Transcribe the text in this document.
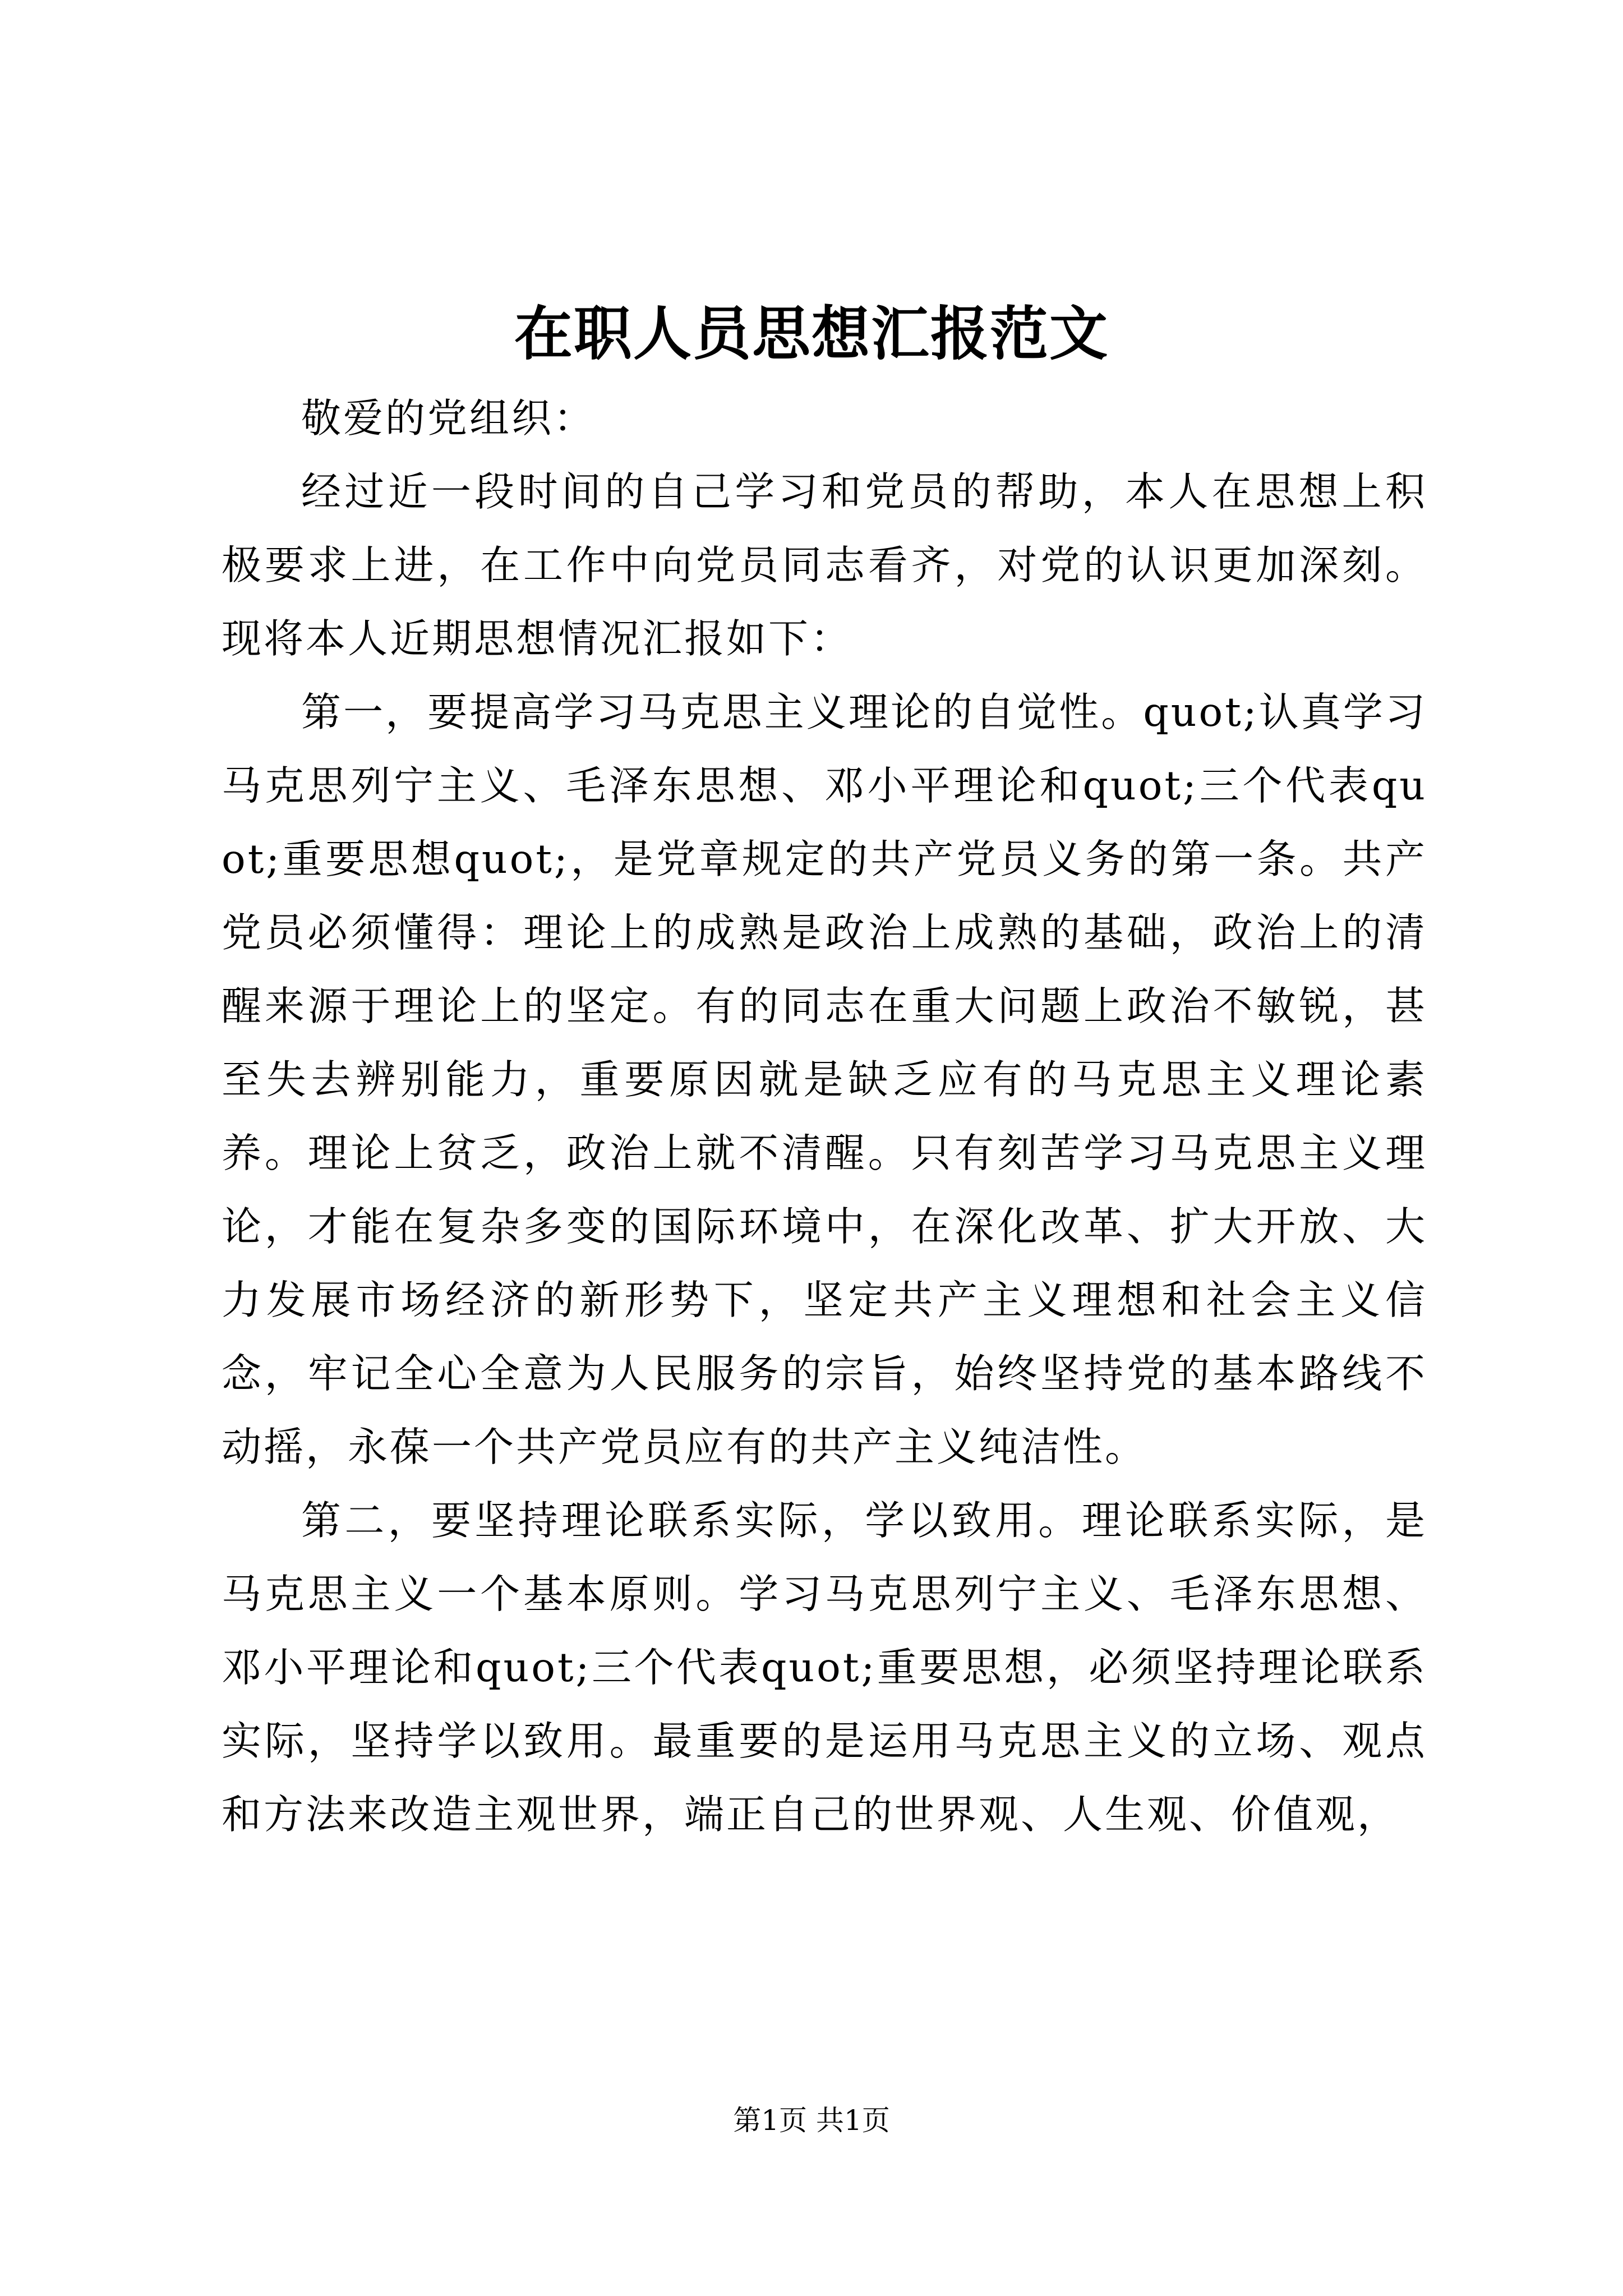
在职人员思想汇报范文

敬爱的党组织：

经过近一段时间的自己学习和党员的帮助，本人在思想上积极要求上进，在工作中向党员同志看齐，对党的认识更加深刻。现将本人近期思想情况汇报如下：

第一，要提高学习马克思主义理论的自觉性。quot;认真学习马克思列宁主义、毛泽东思想、邓小平理论和quot;三个代表quot;重要思想quot;，是党章规定的共产党员义务的第一条。共产党员必须懂得：理论上的成熟是政治上成熟的基础，政治上的清醒来源于理论上的坚定。有的同志在重大问题上政治不敏锐，甚至失去辨别能力，重要原因就是缺乏应有的马克思主义理论素养。理论上贫乏，政治上就不清醒。只有刻苦学习马克思主义理论，才能在复杂多变的国际环境中，在深化改革、扩大开放、大力发展市场经济的新形势下，坚定共产主义理想和社会主义信念，牢记全心全意为人民服务的宗旨，始终坚持党的基本路线不动摇，永葆一个共产党员应有的共产主义纯洁性。

第二，要坚持理论联系实际，学以致用。理论联系实际，是马克思主义一个基本原则。学习马克思列宁主义、毛泽东思想、邓小平理论和quot;三个代表quot;重要思想，必须坚持理论联系实际，坚持学以致用。最重要的是运用马克思主义的立场、观点和方法来改造主观世界，端正自己的世界观、人生观、价值观，

第1页 共1页
